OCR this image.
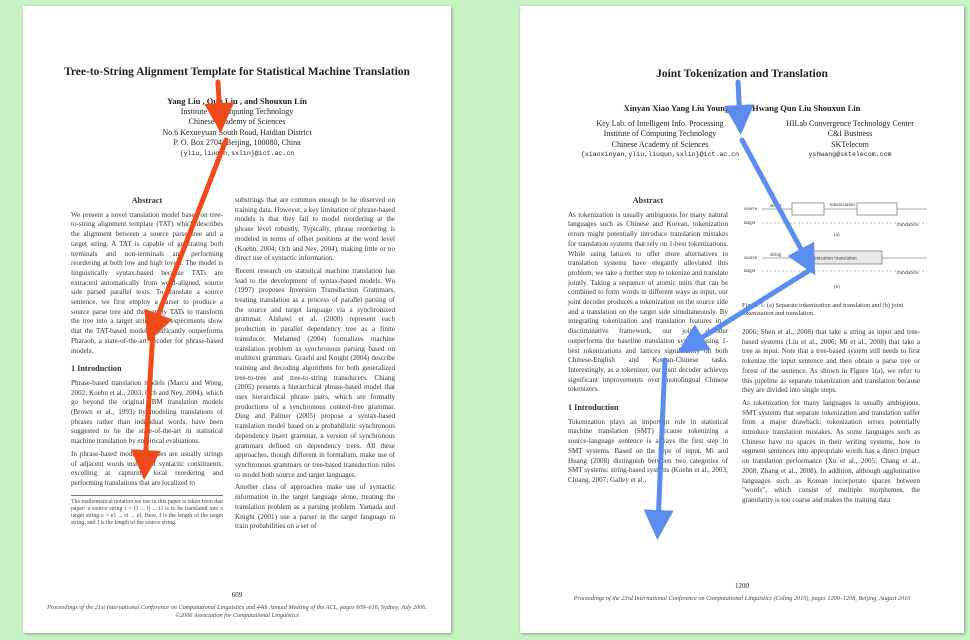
Tree-to-String Alignment Template for Statistical Machine Translation
Yang Liu , Qun Liu , and Shouxun Lin
Institute of Computing Technology
Chinese Academy of Sciences
No.6 Kexueyuan South Road, Haidian District
P. O. Box 2704, Beijing, 100080, China
{yliu,liuqun,sxlin}@ict.ac.cn
Abstract

We present a novel translation model based on tree-to-string alignment template (TAT) which describes the alignment between a source parse tree and a target string. A TAT is capable of generating both terminals and non-terminals and performing reordering at both low and high levels. The model is linguistically syntax-based because TATs are extracted automatically from word-aligned, source side parsed parallel texts. To translate a source sentence, we first employ a parser to produce a source parse tree and then apply TATs to transform the tree into a target string. Our experiments show that the TAT-based model significantly outperforms Pharaoh, a state-of-the-art decoder for phrase-based models.

1 Introduction

Phrase-based translation models (Marcu and Wong, 2002; Koehn et al., 2003; Och and Ney, 2004), which go beyond the original IBM translation models (Brown et al., 1993) by modeling translations of phrases rather than individual words, have been suggested to be the state-of-the-art in statistical machine translation by empirical evaluations.

In phrase-based models, phrases are usually strings of adjacent words instead of syntactic constituents, excelling at capturing local reordering and performing translations that are localized to

The mathematical notation we use in this paper is taken from that paper: a source string f = f1 ... fj ... fJ is to be translated into a target string e = e1 ... ei ... eI. Here, I is the length of the target string, and J is the length of the source string.

substrings that are common enough to be observed on training data. However, a key limitation of phrase-based models is that they fail to model reordering at the phrase level robustly. Typically, phrase reordering is modeled in terms of offset positions at the word level (Koehn, 2004; Och and Ney, 2004), making little or no direct use of syntactic information.

Recent research on statistical machine translation has lead to the development of syntax-based models. Wu (1997) proposes Inversion Transduction Grammars, treating translation as a process of parallel parsing of the source and target language via a synchronized grammar. Alshawi et al. (2000) represent each production in parallel dependency tree as a finite transducer. Melamed (2004) formalizes machine translation problem as synchronous parsing based on multitext grammars. Graehl and Knight (2004) describe training and decoding algorithms for both generalized tree-to-tree and tree-to-string transducers. Chiang (2005) presents a hierarchical phrase-based model that uses hierarchical phrase pairs, which are formally productions of a synchronous context-free grammar. Ding and Palmer (2005) propose a syntax-based translation model based on a probabilistic synchronous dependency insert grammar, a version of synchronous grammars defined on dependency trees. All these approaches, though different in formalism, make use of synchronous grammars or tree-based transduction rules to model both source and target languages.

Another class of approaches make use of syntactic information in the target language alone, treating the translation problem as a parsing problem. Yamada and Knight (2001) use a parser in the target language to train probabilities on a set of

609
Proceedings of the 21st International Conference on Computational Linguistics and 44th Annual Meeting of the ACL, pages 609–616, Sydney, July 2006. ©2006 Association for Computational Linguistics
Joint Tokenization and Translation
Xinyan Xiao Yang Liu Young-Sook Hwang Qun Liu Shouxun Lin
Key Lab. of Intelligent Info. Processing
Institute of Computing Technology
Chinese Academy of Sciences
{xiaoxinyan,yliu,liuqun,sxlin}@ict.ac.cn
HILab Convergence Technology Center
C&I Business
SKTelecom
yshwang@sktelecom.com
Abstract

As tokenization is usually ambiguous for many natural languages such as Chinese and Korean, tokenization errors might potentially introduce translation mistakes for translation systems that rely on 1-best tokenizations. While using lattices to offer more alternatives to translation systems have elegantly alleviated this problem, we take a further step to tokenize and translate jointly. Taking a sequence of atomic units that can be combined to form words in different ways as input, our joint decoder produces a tokenization on the source side and a translation on the target side simultaneously. By integrating tokenization and translation features in a discriminative framework, our joint decoder outperforms the baseline translation systems using 1-best tokenizations and lattices significantly on both Chinese-English and Korean-Chinese tasks. Interestingly, as a tokenizer, our joint decoder achieves significant improvements over monolingual Chinese tokenizers.

1 Introduction

Tokenization plays an important role in statistical machine translation (SMT) because tokenizing a source-language sentence is always the first step in SMT systems. Based on the type of input, Mi and Huang (2008) distinguish between two categories of SMT systems: string-based systems (Koehn et al., 2003; Chiang, 2007; Galley et al.,

source
string	tokenization
target	translation
(a)
source
string
tokenization+translation
target	translation
(b)
Figure 1: (a) Separate tokenization and translation and (b) joint tokenization and translation.

2006; Shen et al., 2008) that take a string as input and tree-based systems (Liu et al., 2006; Mi et al., 2008) that take a tree as input. Note that a tree-based system still needs to first tokenize the input sentence and then obtain a parse tree or forest of the sentence. As shown in Figure 1(a), we refer to this pipeline as separate tokenization and translation because they are divided into single steps.

As tokenization for many languages is usually ambiguous, SMT systems that separate tokenization and translation suffer from a major drawback: tokenization errors potentially introduce translation mistakes. As some languages such as Chinese have no spaces in their writing systems, how to segment sentences into appropriate words has a direct impact on translation performance (Xu et al., 2005; Chang et al., 2008; Zhang et al., 2008). In addition, although agglutinative languages such as Korean incorporate spaces between "words", which consist of multiple morphemes, the granularity is too coarse and makes the training data

1200
Proceedings of the 23rd International Conference on Computational Linguistics (Coling 2010), pages 1200–1208, Beijing, August 2010
